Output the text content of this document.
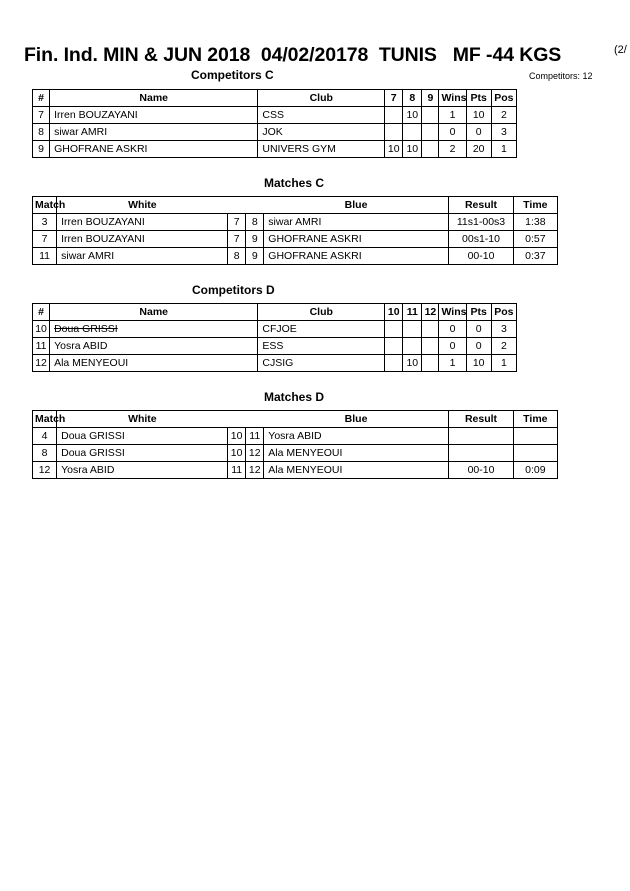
Fin. Ind. MIN & JUN 2018  04/02/20178  TUNIS   MF -44 KGS	(2/
Competitors C	Competitors: 12
#	Name	Club	7	8	9	Wins	Pts	Pos
7	Irren BOUZAYANI	CSS		10		1	10	2
8	siwar AMRI	JOK				0	0	3
9	GHOFRANE ASKRI	UNIVERS GYM	10	10		2	20	1
Matches C
Match	White			Blue	Result	Time
3	Irren BOUZAYANI	7	8	siwar AMRI	11s1-00s3	1:38
7	Irren BOUZAYANI	7	9	GHOFRANE ASKRI	00s1-10	0:57
11	siwar AMRI	8	9	GHOFRANE ASKRI	00-10	0:37
Competitors D
#	Name	Club	10	11	12	Wins	Pts	Pos
10	Doua GRISSI	CFJOE				0	0	3
11	Yosra ABID	ESS				0	0	2
12	Ala MENYEOUI	CJSIG		10		1	10	1
Matches D
Match	White			Blue	Result	Time
4	Doua GRISSI	10	11	Yosra ABID		
8	Doua GRISSI	10	12	Ala MENYEOUI		
12	Yosra ABID	11	12	Ala MENYEOUI	00-10	0:09
